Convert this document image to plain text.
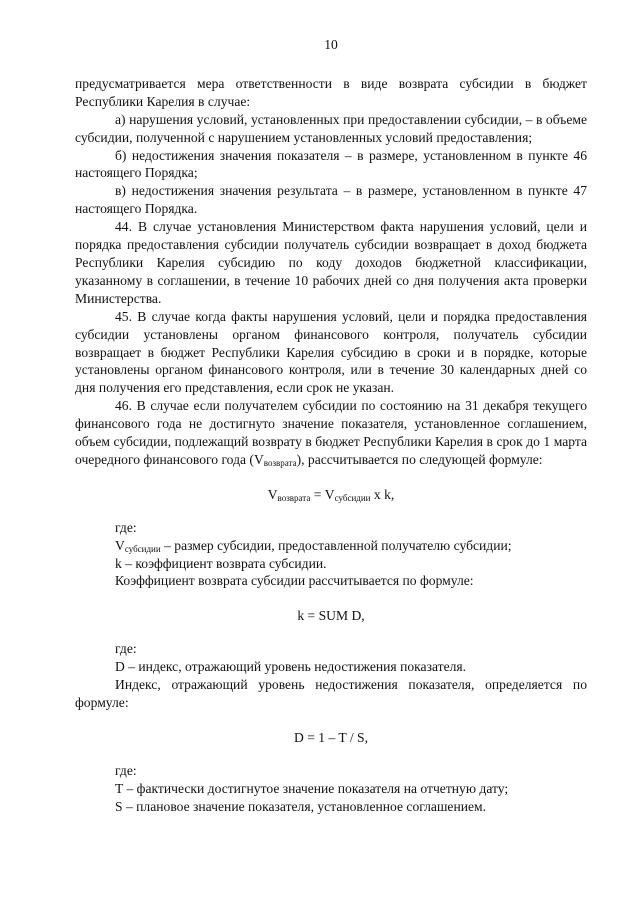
10

предусматривается мера ответственности в виде возврата субсидии в бюджет Республики Карелия в случае:

а) нарушения условий, установленных при предоставлении субсидии, – в объеме субсидии, полученной с нарушением установленных условий предоставления;

б) недостижения значения показателя – в размере, установленном в пункте 46 настоящего Порядка;

в) недостижения значения результата – в размере, установленном в пункте 47 настоящего Порядка.

44. В случае установления Министерством факта нарушения условий, цели и порядка предоставления субсидии получатель субсидии возвращает в доход бюджета Республики Карелия субсидию по коду доходов бюджетной классификации, указанному в соглашении, в течение 10 рабочих дней со дня получения акта проверки Министерства.

45. В случае когда факты нарушения условий, цели и порядка предоставления субсидии установлены органом финансового контроля, получатель субсидии возвращает в бюджет Республики Карелия субсидию в сроки и в порядке, которые установлены органом финансового контроля, или в течение 30 календарных дней со дня получения его представления, если срок не указан.

46. В случае если получателем субсидии по состоянию на 31 декабря текущего финансового года не достигнуто значение показателя, установленное соглашением, объем субсидии, подлежащий возврату в бюджет Республики Карелия в срок до 1 марта очередного финансового года $(V_{возврата})$, рассчитывается по следующей формуле:

$V_{возврата} = V_{субсидии}$ x k,

где:

$V_{субсидии}$ – размер субсидии, предоставленной получателю субсидии;

k – коэффициент возврата субсидии.

Коэффициент возврата субсидии рассчитывается по формуле:

k = SUM D,

где:

D – индекс, отражающий уровень недостижения показателя.

Индекс, отражающий уровень недостижения показателя, определяется по формуле:

D = 1 – T / S,

где:

T – фактически достигнутое значение показателя на отчетную дату;

S – плановое значение показателя, установленное соглашением.
